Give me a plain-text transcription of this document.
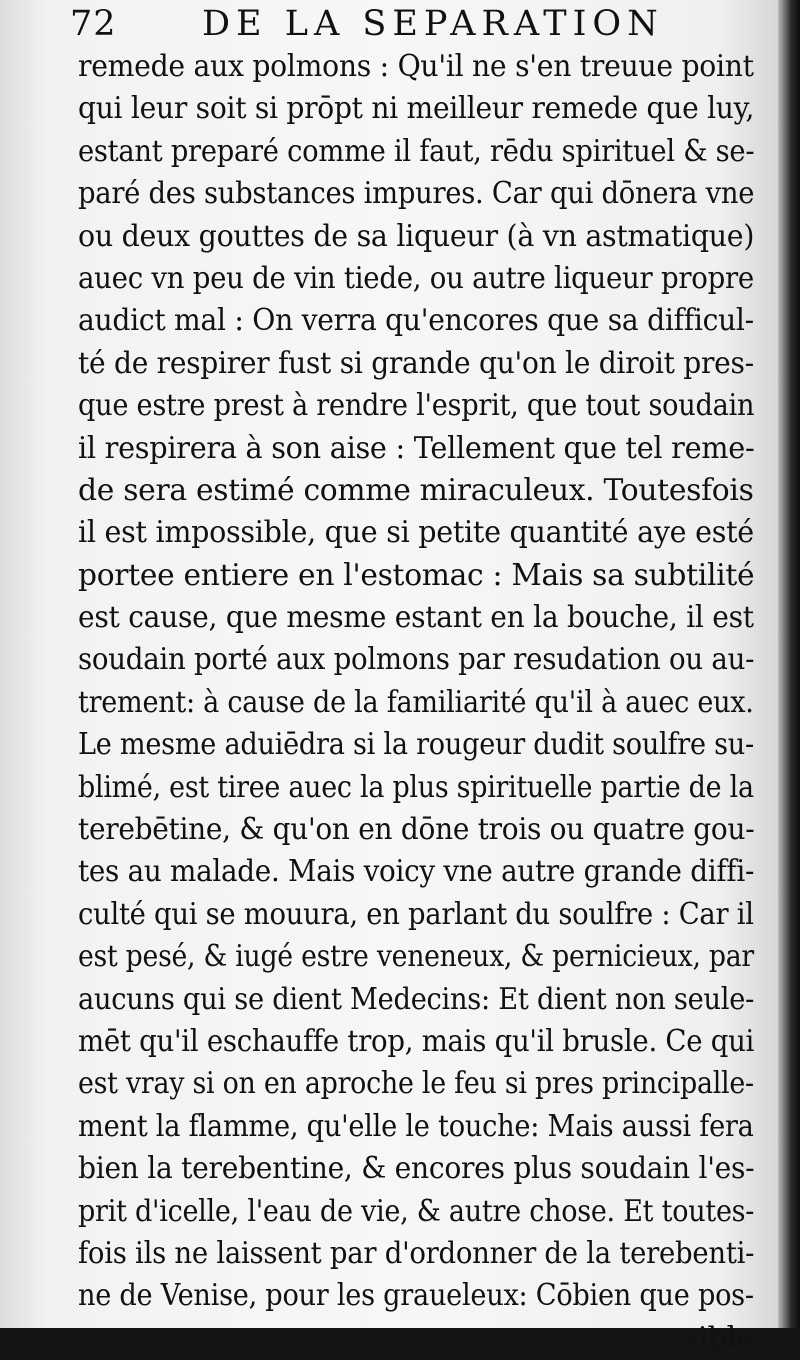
72 DE LA SEPARATION
remede aux polmons : Qu'il ne s'en treuue point
qui leur soit si prōpt ni meilleur remede que luy,
estant preparé comme il faut, rēdu spirituel & se-
paré des substances impures. Car qui dōnera vne
ou deux gouttes de sa liqueur (à vn astmatique)
auec vn peu de vin tiede, ou autre liqueur propre
audict mal : On verra qu'encores que sa difficul-
té de respirer fust si grande qu'on le diroit pres-
que estre prest à rendre l'esprit, que tout soudain
il respirera à son aise : Tellement que tel reme-
de sera estimé comme miraculeux. Toutesfois
il est impossible, que si petite quantité aye esté
portee entiere en l'estomac : Mais sa subtilité
est cause, que mesme estant en la bouche, il est
soudain porté aux polmons par resudation ou au-
trement: à cause de la familiarité qu'il à auec eux.
Le mesme aduiēdra si la rougeur dudit soulfre su-
blimé, est tiree auec la plus spirituelle partie de la
terebētine, & qu'on en dōne trois ou quatre gou-
tes au malade. Mais voicy vne autre grande diffi-
culté qui se mouura, en parlant du soulfre : Car il
est pesé, & iugé estre veneneux, & pernicieux, par
aucuns qui se dient Medecins: Et dient non seule-
mēt qu'il eschauffe trop, mais qu'il brusle. Ce qui
est vray si on en aproche le feu si pres principalle-
ment la flamme, qu'elle le touche: Mais aussi fera
bien la terebentine, & encores plus soudain l'es-
prit d'icelle, l'eau de vie, & autre chose. Et toutes-
fois ils ne laissent par d'ordonner de la terebenti-
ne de Venise, pour les graueleux: Cōbien que pos-
sible
